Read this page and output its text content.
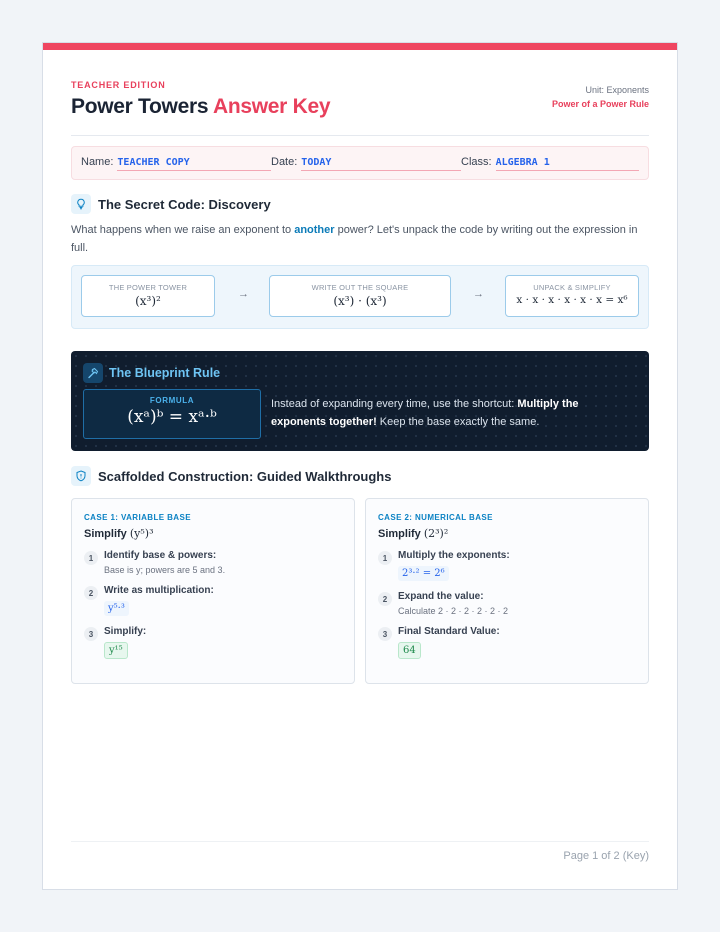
TEACHER EDITION
Power Towers Answer Key
Unit: Exponents
Power of a Power Rule
Name: TEACHER COPY	Date: TODAY	Class: ALGEBRA 1
The Secret Code: Discovery
What happens when we raise an exponent to another power? Let's unpack the code by writing out the expression in full.
THE POWER TOWER
(x³)²	→
WRITE OUT THE SQUARE
(x³) · (x³)	→
UNPACK & SIMPLIFY
x · x · x · x · x · x = x⁶
The Blueprint Rule
FORMULA
(xᵃ)ᵇ = xᵃ·ᵇ
Instead of expanding every time, use the shortcut: Multiply the exponents together! Keep the base exactly the same.
Scaffolded Construction: Guided Walkthroughs
CASE 1: VARIABLE BASE
Simplify (y⁵)³
1	Identify base & powers:
Base is y; powers are 5 and 3.
2	Write as multiplication:
y⁵·³
3	Simplify:
y¹⁵
CASE 2: NUMERICAL BASE
Simplify (2³)²
1	Multiply the exponents:
2³·² = 2⁶
2	Expand the value:
Calculate 2 · 2 · 2 · 2 · 2 · 2
3	Final Standard Value:
64
Page 1 of 2 (Key)
